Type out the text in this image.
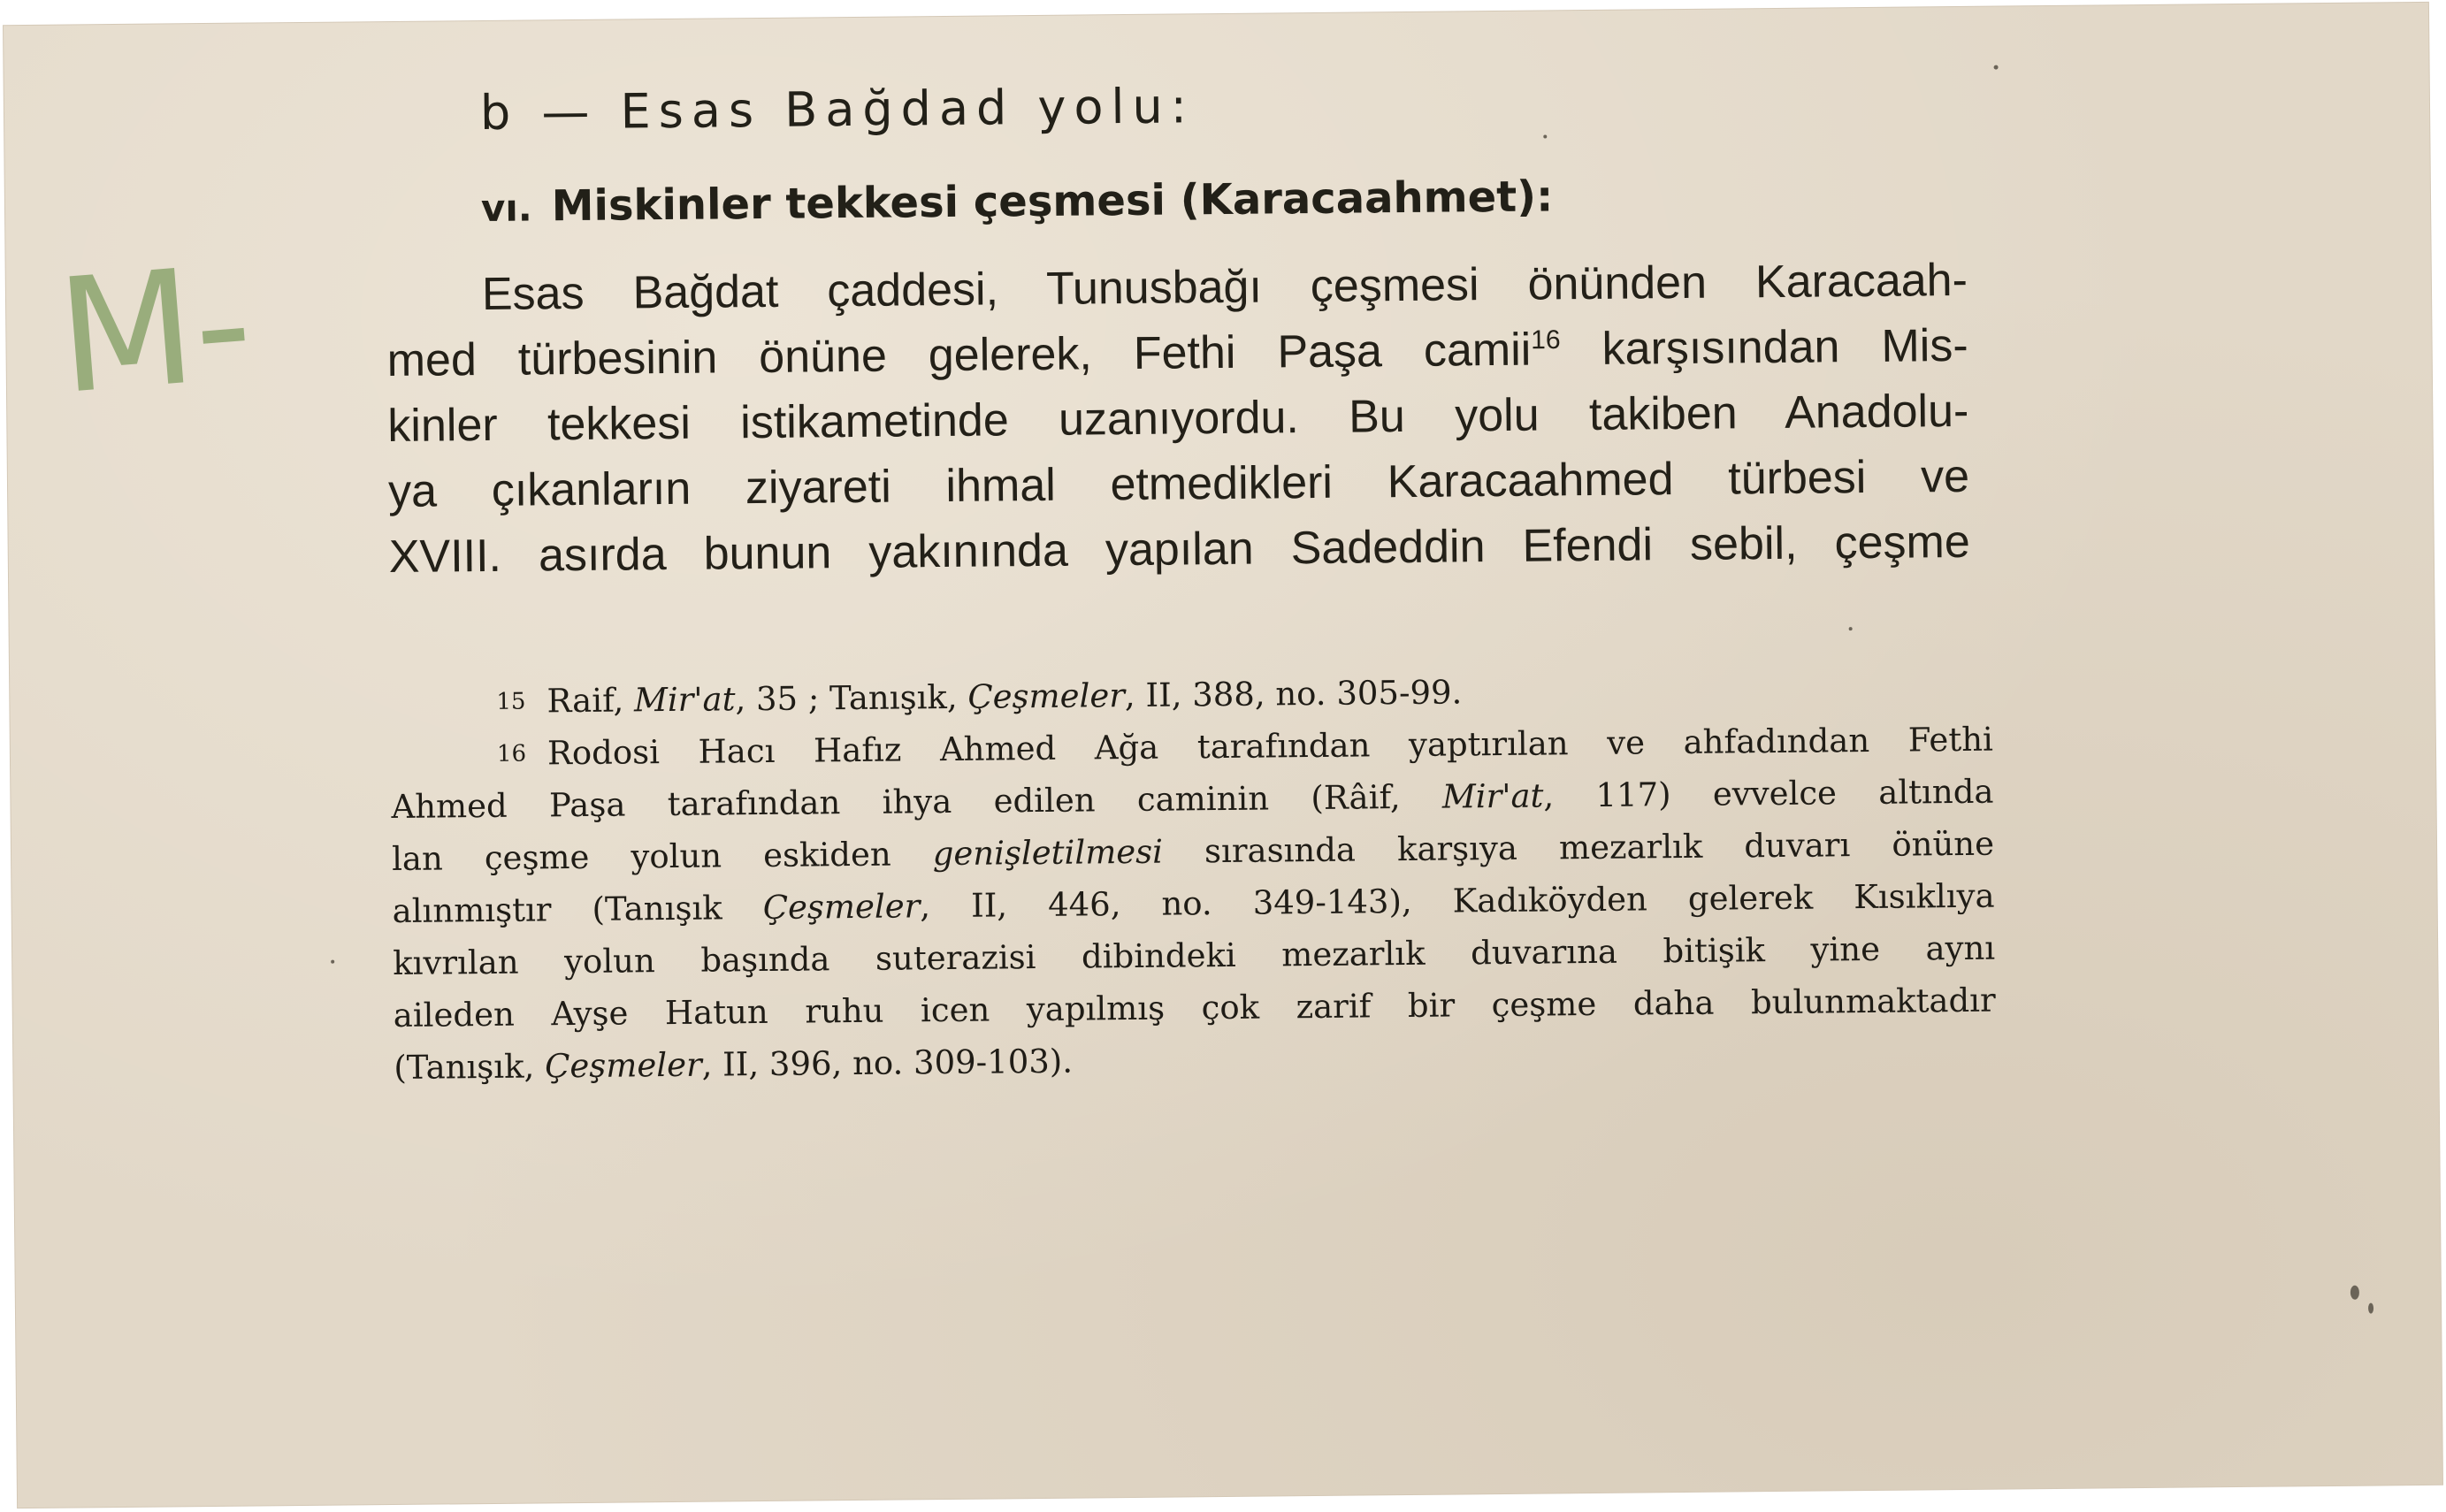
M-
b — Esas Bağdad yolu:
vı. Miskinler tekkesi çeşmesi (Karacaahmet):
Esas Bağdat çaddesi, Tunusbağı çeşmesi önünden Karacaah-
med türbesinin önüne gelerek, Fethi Paşa camii$^{16}$ karşısından Mis-
kinler tekkesi istikametinde uzanıyordu. Bu yolu takiben Anadolu-
ya çıkanların ziyareti ihmal etmedikleri Karacaahmed türbesi ve
XVIII. asırda bunun yakınında yapılan Sadeddin Efendi sebil, çeşme
15 Raif, Mir'at, 35 ; Tanışık, Çeşmeler, II, 388, no. 305-99.
16 Rodosi Hacı Hafız Ahmed Ağa tarafından yaptırılan ve ahfadından Fethi
Ahmed Paşa tarafından ihya edilen caminin (Râif, Mir'at, 117) evvelce altında
lan çeşme yolun eskiden genişletilmesi sırasında karşıya mezarlık duvarı önüne
alınmıştır (Tanışık Çeşmeler, II, 446, no. 349-143), Kadıköyden gelerek Kısıklıya
kıvrılan yolun başında suterazisi dibindeki mezarlık duvarına bitişik yine aynı
aileden Ayşe Hatun ruhu icen yapılmış çok zarif bir çeşme daha bulunmaktadır
(Tanışık, Çeşmeler, II, 396, no. 309-103).
